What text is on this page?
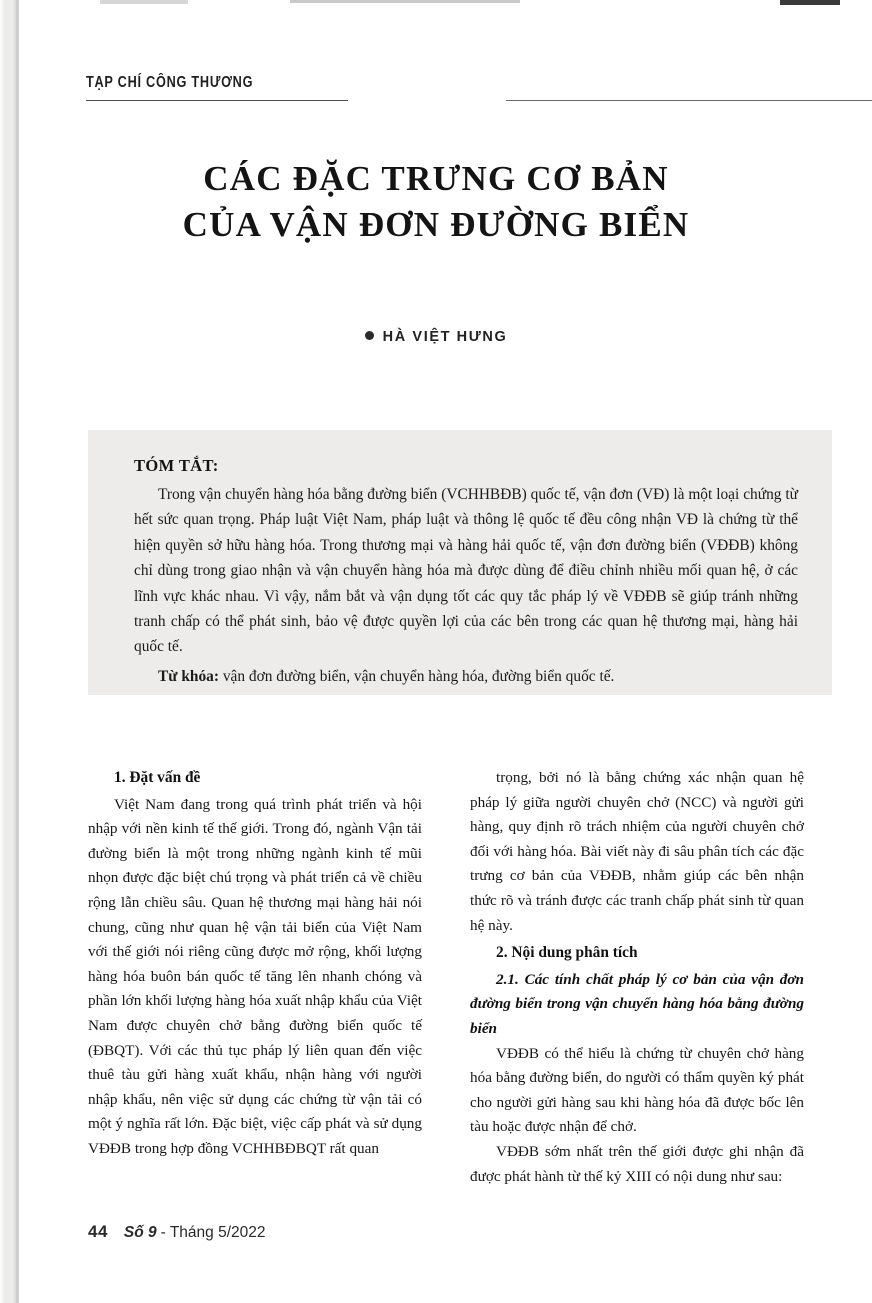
TẠP CHÍ CÔNG THƯƠNG
CÁC ĐẶC TRƯNG CƠ BẢN
CỦA VẬN ĐƠN ĐƯỜNG BIỂN
HÀ VIỆT HƯNG
TÓM TẮT:
Trong vận chuyển hàng hóa bằng đường biển (VCHHBĐB) quốc tế, vận đơn (VĐ) là một loại chứng từ hết sức quan trọng. Pháp luật Việt Nam, pháp luật và thông lệ quốc tế đều công nhận VĐ là chứng từ thể hiện quyền sở hữu hàng hóa. Trong thương mại và hàng hải quốc tế, vận đơn đường biển (VĐĐB) không chỉ dùng trong giao nhận và vận chuyển hàng hóa mà được dùng để điều chỉnh nhiều mối quan hệ, ở các lĩnh vực khác nhau. Vì vậy, nắm bắt và vận dụng tốt các quy tắc pháp lý về VĐĐB sẽ giúp tránh những tranh chấp có thể phát sinh, bảo vệ được quyền lợi của các bên trong các quan hệ thương mại, hàng hải quốc tế.
Từ khóa: vận đơn đường biển, vận chuyển hàng hóa, đường biển quốc tế.
1. Đặt vấn đề

Việt Nam đang trong quá trình phát triển và hội nhập với nền kinh tế thế giới. Trong đó, ngành Vận tải đường biển là một trong những ngành kinh tế mũi nhọn được đặc biệt chú trọng và phát triển cả về chiều rộng lẫn chiều sâu. Quan hệ thương mại hàng hải nói chung, cũng như quan hệ vận tải biển của Việt Nam với thế giới nói riêng cũng được mở rộng, khối lượng hàng hóa buôn bán quốc tế tăng lên nhanh chóng và phần lớn khối lượng hàng hóa xuất nhập khẩu của Việt Nam được chuyên chở bằng đường biển quốc tế (ĐBQT). Với các thủ tục pháp lý liên quan đến việc thuê tàu gửi hàng xuất khẩu, nhận hàng với người nhập khẩu, nên việc sử dụng các chứng từ vận tải có một ý nghĩa rất lớn. Đặc biệt, việc cấp phát và sử dụng VĐĐB trong hợp đồng VCHHBĐBQT rất quan

trọng, bởi nó là bằng chứng xác nhận quan hệ pháp lý giữa người chuyên chở (NCC) và người gửi hàng, quy định rõ trách nhiệm của người chuyên chở đối với hàng hóa. Bài viết này đi sâu phân tích các đặc trưng cơ bản của VĐĐB, nhằm giúp các bên nhận thức rõ và tránh được các tranh chấp phát sinh từ quan hệ này.

2. Nội dung phân tích
2.1. Các tính chất pháp lý cơ bản của vận đơn đường biển trong vận chuyển hàng hóa bằng đường biển

VĐĐB có thể hiểu là chứng từ chuyên chở hàng hóa bằng đường biển, do người có thẩm quyền ký phát cho người gửi hàng sau khi hàng hóa đã được bốc lên tàu hoặc được nhận để chở.

VĐĐB sớm nhất trên thế giới được ghi nhận đã được phát hành từ thế kỷ XIII có nội dung như sau:

44 Số 9 - Tháng 5/2022
